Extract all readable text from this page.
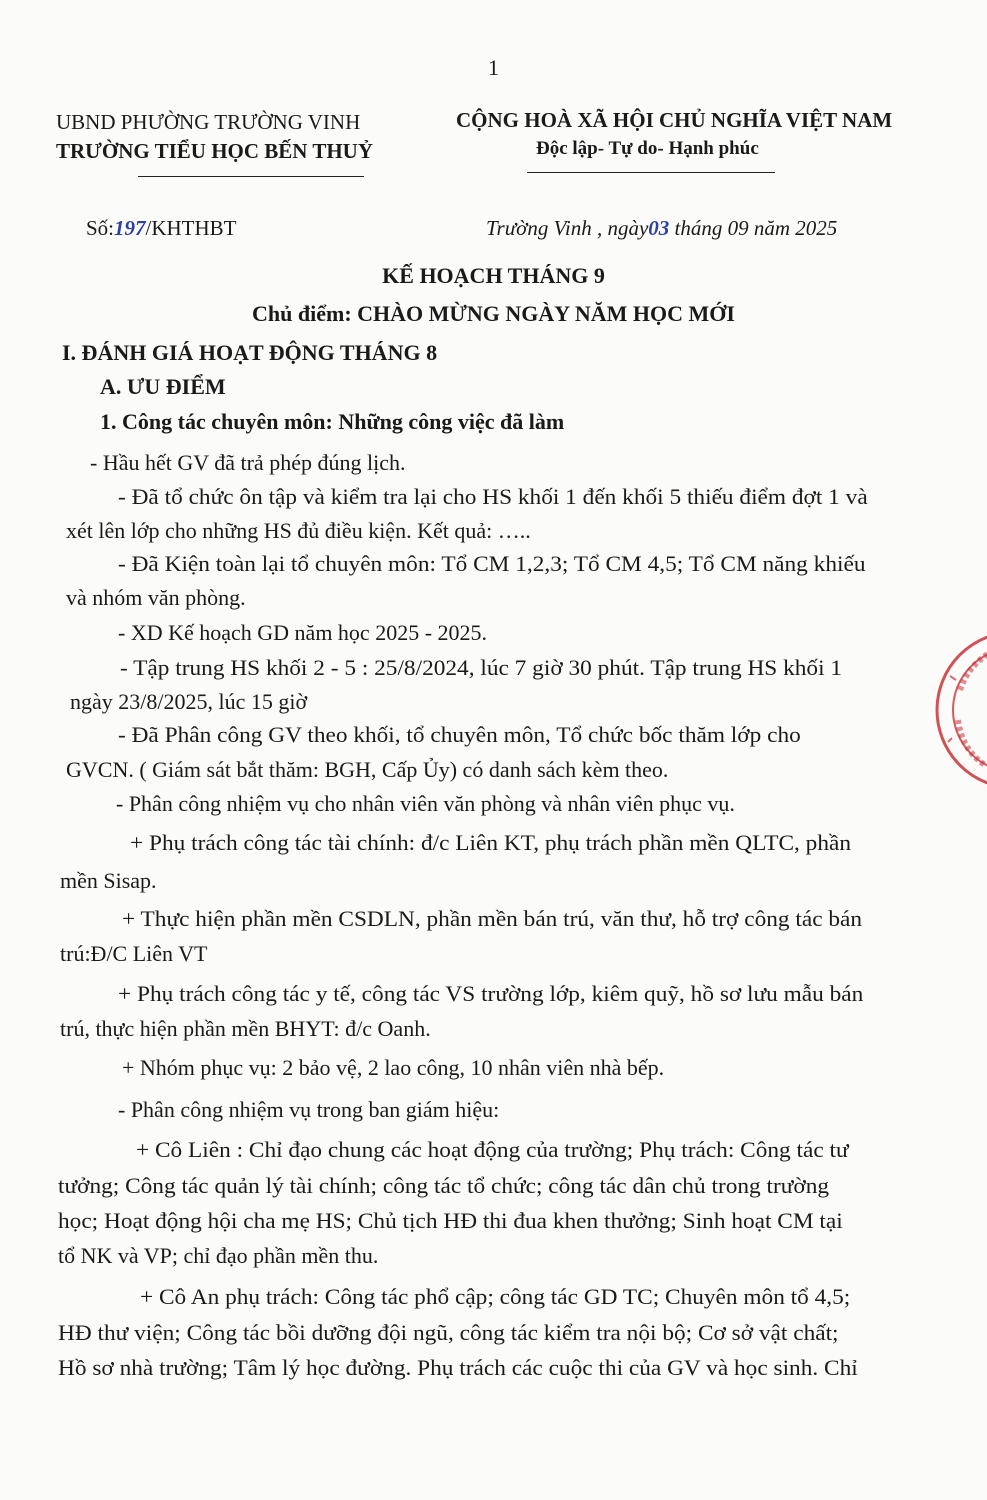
1
UBND PHƯỜNG TRƯỜNG VINH
TRƯỜNG TIỂU HỌC BẾN THUỶ
CỘNG HOÀ XÃ HỘI CHỦ NGHĨA VIỆT NAM
Độc lập- Tự do- Hạnh phúc
Số:197/KHTHBT	Trường Vinh , ngày03 tháng 09 năm 2025
KẾ HOẠCH THÁNG 9
Chủ điểm: CHÀO MỪNG NGÀY NĂM HỌC MỚI
I. ĐÁNH GIÁ HOẠT ĐỘNG THÁNG 8
A. ƯU ĐIỂM
1. Công tác chuyên môn: Những công việc đã làm
- Hầu hết GV đã trả phép đúng lịch.
- Đã tổ chức ôn tập và kiểm tra lại cho HS khối 1 đến khối 5 thiếu điểm đợt 1 và
xét lên lớp cho những HS đủ điều kiện. Kết quả: …..
- Đã Kiện toàn lại tổ chuyên môn: Tổ CM 1,2,3; Tổ CM 4,5; Tổ CM năng khiếu
và nhóm văn phòng.
- XD Kế hoạch GD năm học 2025 - 2025.
- Tập trung HS khối 2 - 5 : 25/8/2024, lúc 7 giờ 30 phút. Tập trung HS khối 1
ngày 23/8/2025, lúc 15 giờ
- Đã Phân công GV theo khối, tổ chuyên môn, Tổ chức bốc thăm lớp cho
GVCN. ( Giám sát bắt thăm: BGH, Cấp Ủy) có danh sách kèm theo.
- Phân công nhiệm vụ cho nhân viên văn phòng và nhân viên phục vụ.
+ Phụ trách công tác tài chính: đ/c Liên KT, phụ trách phần mền QLTC, phần
mền Sisap.
+ Thực hiện phần mền CSDLN, phần mền bán trú, văn thư, hỗ trợ công tác bán
trú:Đ/C Liên VT
+ Phụ trách công tác y tế, công tác VS trường lớp, kiêm quỹ, hồ sơ lưu mẫu bán
trú, thực hiện phần mền BHYT: đ/c Oanh.
+ Nhóm phục vụ: 2 bảo vệ, 2 lao công, 10 nhân viên nhà bếp.
- Phân công nhiệm vụ trong ban giám hiệu:
+ Cô Liên : Chỉ đạo chung các hoạt động của trường; Phụ trách: Công tác tư
tưởng; Công tác quản lý tài chính; công tác tổ chức; công tác dân chủ trong trường
học; Hoạt động hội cha mẹ HS; Chủ tịch HĐ thi đua khen thưởng; Sinh hoạt CM tại
tổ NK và VP; chỉ đạo phần mền thu.
+ Cô An phụ trách: Công tác phổ cập; công tác GD TC; Chuyên môn tổ 4,5;
HĐ thư viện; Công tác bồi dưỡng đội ngũ, công tác kiểm tra nội bộ; Cơ sở vật chất;
Hồ sơ nhà trường; Tâm lý học đường. Phụ trách các cuộc thi của GV và học sinh. Chỉ
